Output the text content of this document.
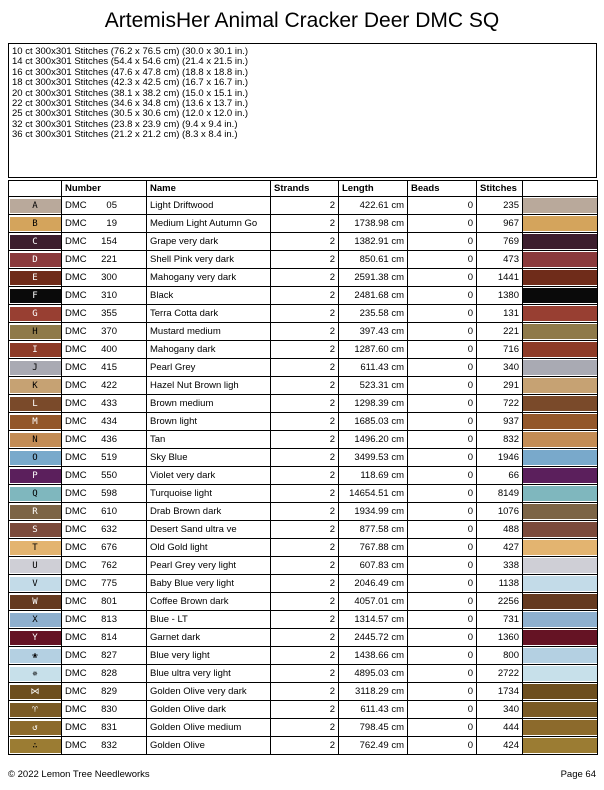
ArtemisHer Animal Cracker Deer DMC SQ
10 ct 300x301 Stitches (76.2 x 76.5 cm) (30.0 x 30.1 in.)
14 ct 300x301 Stitches (54.4 x 54.6 cm) (21.4 x 21.5 in.)
16 ct 300x301 Stitches (47.6 x 47.8 cm) (18.8 x 18.8 in.)
18 ct 300x301 Stitches (42.3 x 42.5 cm) (16.7 x 16.7 in.)
20 ct 300x301 Stitches (38.1 x 38.2 cm) (15.0 x 15.1 in.)
22 ct 300x301 Stitches (34.6 x 34.8 cm) (13.6 x 13.7 in.)
25 ct 300x301 Stitches (30.5 x 30.6 cm) (12.0 x 12.0 in.)
32 ct 300x301 Stitches (23.8 x 23.9 cm) (9.4 x 9.4 in.)
36 ct 300x301 Stitches (21.2 x 21.2 cm) (8.3 x 8.4 in.)
	Number	Name	Strands	Length	Beads	Stitches	

A	DMC 05	Light Driftwood	2	422.61 cm	0	235	

B	DMC 19	Medium Light Autumn Go	2	1738.98 cm	0	967	

C	DMC 154	Grape very dark	2	1382.91 cm	0	769	

D	DMC 221	Shell Pink very dark	2	850.61 cm	0	473	

E	DMC 300	Mahogany very dark	2	2591.38 cm	0	1441	

F	DMC 310	Black	2	2481.68 cm	0	1380	

G	DMC 355	Terra Cotta dark	2	235.58 cm	0	131	

H	DMC 370	Mustard medium	2	397.43 cm	0	221	

I	DMC 400	Mahogany dark	2	1287.60 cm	0	716	

J	DMC 415	Pearl Grey	2	611.43 cm	0	340	

K	DMC 422	Hazel Nut Brown ligh	2	523.31 cm	0	291	

L	DMC 433	Brown medium	2	1298.39 cm	0	722	

M	DMC 434	Brown light	2	1685.03 cm	0	937	

N	DMC 436	Tan	2	1496.20 cm	0	832	

O	DMC 519	Sky Blue	2	3499.53 cm	0	1946	

P	DMC 550	Violet very dark	2	118.69 cm	0	66	

Q	DMC 598	Turquoise light	2	14654.51 cm	0	8149	

R	DMC 610	Drab Brown dark	2	1934.99 cm	0	1076	

S	DMC 632	Desert Sand ultra ve	2	877.58 cm	0	488	

T	DMC 676	Old Gold light	2	767.88 cm	0	427	

U	DMC 762	Pearl Grey very light	2	607.83 cm	0	338	

V	DMC 775	Baby Blue very light	2	2046.49 cm	0	1138	

W	DMC 801	Coffee Brown dark	2	4057.01 cm	0	2256	

X	DMC 813	Blue - LT	2	1314.57 cm	0	731	

Y	DMC 814	Garnet dark	2	2445.72 cm	0	1360	

❀	DMC 827	Blue very light	2	1438.66 cm	0	800	

✵	DMC 828	Blue ultra very light	2	4895.03 cm	0	2722	

⋈	DMC 829	Golden Olive very dark	2	3118.29 cm	0	1734	

♈	DMC 830	Golden Olive dark	2	611.43 cm	0	340	

↺	DMC 831	Golden Olive medium	2	798.45 cm	0	444	

∴	DMC 832	Golden Olive	2	762.49 cm	0	424	
© 2022 Lemon Tree Needleworks	Page 64
